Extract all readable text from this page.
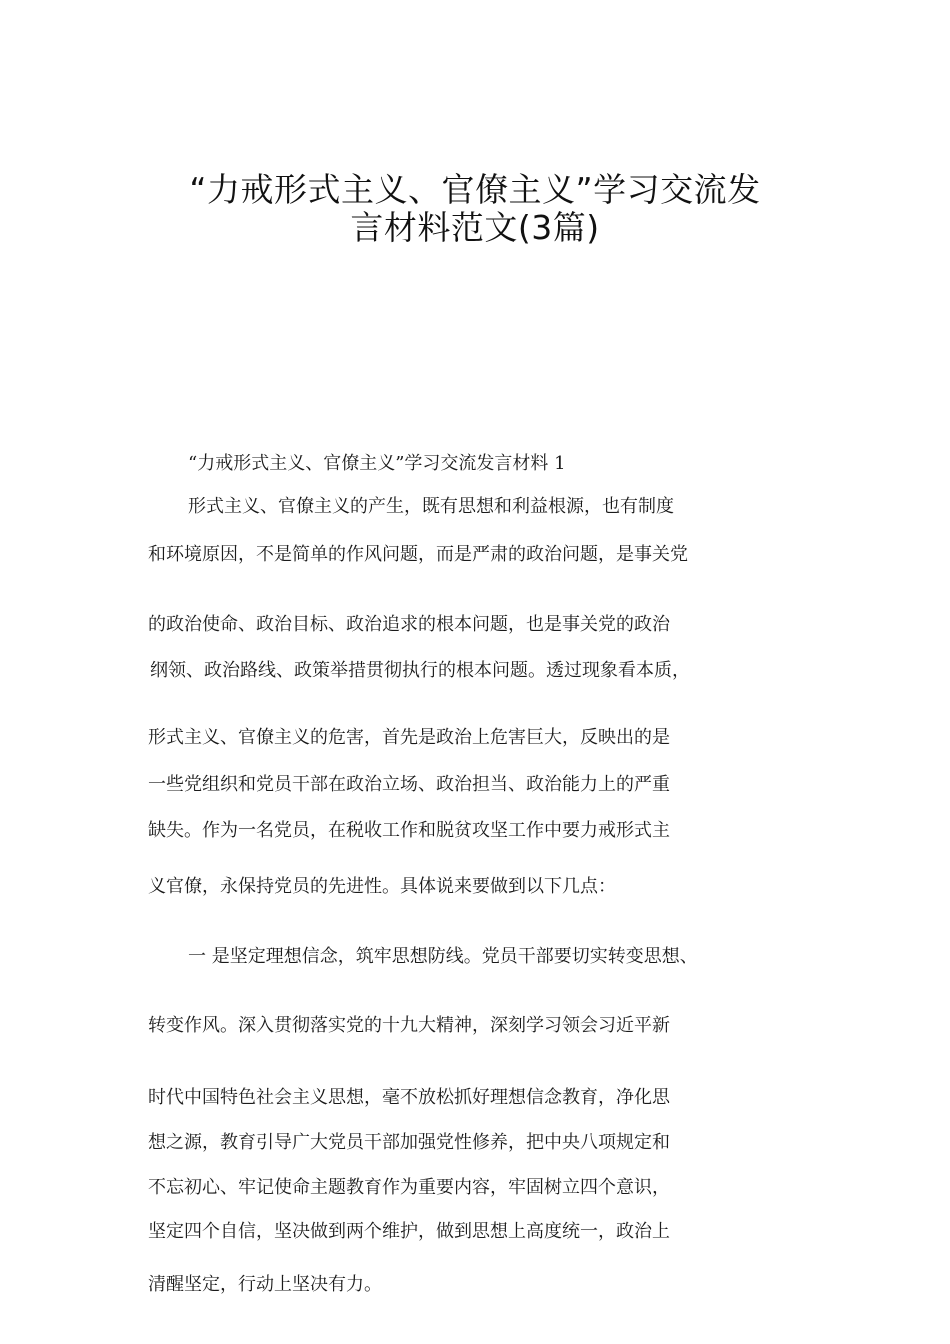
“力戒形式主义、官僚主义”学习交流发
言材料范文(3篇)
“力戒形式主义、官僚主义”学习交流发言材料 1
形式主义、官僚主义的产生，既有思想和利益根源，也有制度
和环境原因，不是简单的作风问题，而是严肃的政治问题，是事关党
的政治使命、政治目标、政治追求的根本问题，也是事关党的政治
纲领、政治路线、政策举措贯彻执行的根本问题。透过现象看本质，
形式主义、官僚主义的危害，首先是政治上危害巨大，反映出的是
一些党组织和党员干部在政治立场、政治担当、政治能力上的严重
缺失。作为一名党员，在税收工作和脱贫攻坚工作中要力戒形式主
义官僚，永保持党员的先进性。具体说来要做到以下几点：
一 是坚定理想信念，筑牢思想防线。党员干部要切实转变思想、
转变作风。深入贯彻落实党的十九大精神，深刻学习领会习近平新
时代中国特色社会主义思想，毫不放松抓好理想信念教育，净化思
想之源，教育引导广大党员干部加强党性修养，把中央八项规定和
不忘初心、牢记使命主题教育作为重要内容，牢固树立四个意识，
坚定四个自信，坚决做到两个维护，做到思想上高度统一，政治上
清醒坚定，行动上坚决有力。
